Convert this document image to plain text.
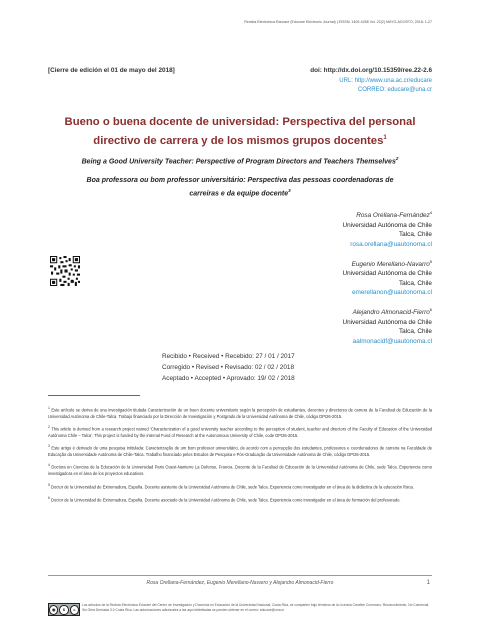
Revista Electrónica Educare (Educare Electronic Journal) | EISSN: 1409-4258 Vol. 22(2) MAYO-AGOSTO, 2018: 1-27
[Cierre de edición el 01 de mayo del 2018]	doi: http://dx.doi.org/10.15359/ree.22-2.6
URL: http://www.una.ac.cr/educare
CORREO: educare@una.cr
Bueno o buena docente de universidad: Perspectiva del personal
directivo de carrera y de los mismos grupos docentes$^1$
Being a Good University Teacher: Perspective of Program Directors and Teachers Themselves$^2$
Boa professora ou bom professor universitário: Perspectiva das pessoas coordenadoras de
carreiras e da equipe docente$^3$
Rosa Orellana-Fernández$^4$
Universidad Autónoma de Chile
Talca, Chile
rosa.orellana@uautonoma.cl
Eugenio Merellano-Navarro$^5$
Universidad Autónoma de Chile
Talca, Chile
emerellanon@uautonoma.cl
Alejandro Almonacid-Fierro$^6$
Universidad Autónoma de Chile
Talca, Chile
aalmonacidf@uautonoma.cl
Recibido • Received • Recebido: 27 / 01 / 2017
Corregido • Revised • Revisado: 02 / 02 / 2018
Aceptado • Accepted • Aprovado: 19/ 02 / 2018
$^1$ Este artículo se deriva de una investigación titulada Caracterización de un buen docente universitario según la percepción de estudiantes, docentes y directores de carrera de la Facultad de Educación de la Universidad Autónoma de Chile-Talca. Trabajo financiado por la Dirección de Investigación y Postgrado de la Universidad Autónoma de Chile, código DPI26-2015.
$^2$ This article is derived from a research project named 'Characterization of a good university teacher according to the perception of student, teacher and directors of the Faculty of Education of the Universidad Autónoma Chile – Talca'. This project is funded by the internal Fund of Research at the Autonomous University of Chile, code DPI26-2015.
$^3$ Este artigo é derivado de uma pesquisa intitulada: Caracterização de um bom professor universitário, de acordo com a percepção dos estudantes, professores e coordenadores de carreira na Faculdade de Educação da Universidade Autónoma de Chile-Talca. Trabalho financiado pelos Estudos de Pesquisa e Pós-Graduação da Universidade Autónoma de Chile, código DPI26-2015.
$^4$ Doctora en Ciencias de la Educación de la Universidad Paris Ouest-Nanterre La Defense, Francia. Docente de la Facultad de Educación de la Universidad Autónoma de Chile, sede Talca. Experiencia como investigadora en el área de los proyectos educativos.
$^5$ Doctor de la Universidad de Extremadura, España. Docente asistente de la Universidad Autónoma de Chile, sede Talca. Experiencia como investigador en el área de la didáctica de la educación física.
$^6$ Doctor de la Universidad de Extremadura, España. Docente asociado de la Universidad Autónoma de Chile, sede Talca. Experiencia como investigador en el área de formación del profesorado.
Rosa Orellana-Fernández, Eugenio Merellano-Navarro y Alejandro Almonacid-Fierro	1
◉	$	=
Los artículos de la Revista Electrónica Educare del Centro de Investigación y Docencia en Educación de la Universidad Nacional, Costa Rica, se comparten bajo términos de la Licencia Creative Commons: Reconocimiento, No Comercial, Sin Obra Derivada 3.0 Costa Rica. Las autorizaciones adicionales a las aquí delimitadas se pueden obtener en el correo: educare@una.cr
